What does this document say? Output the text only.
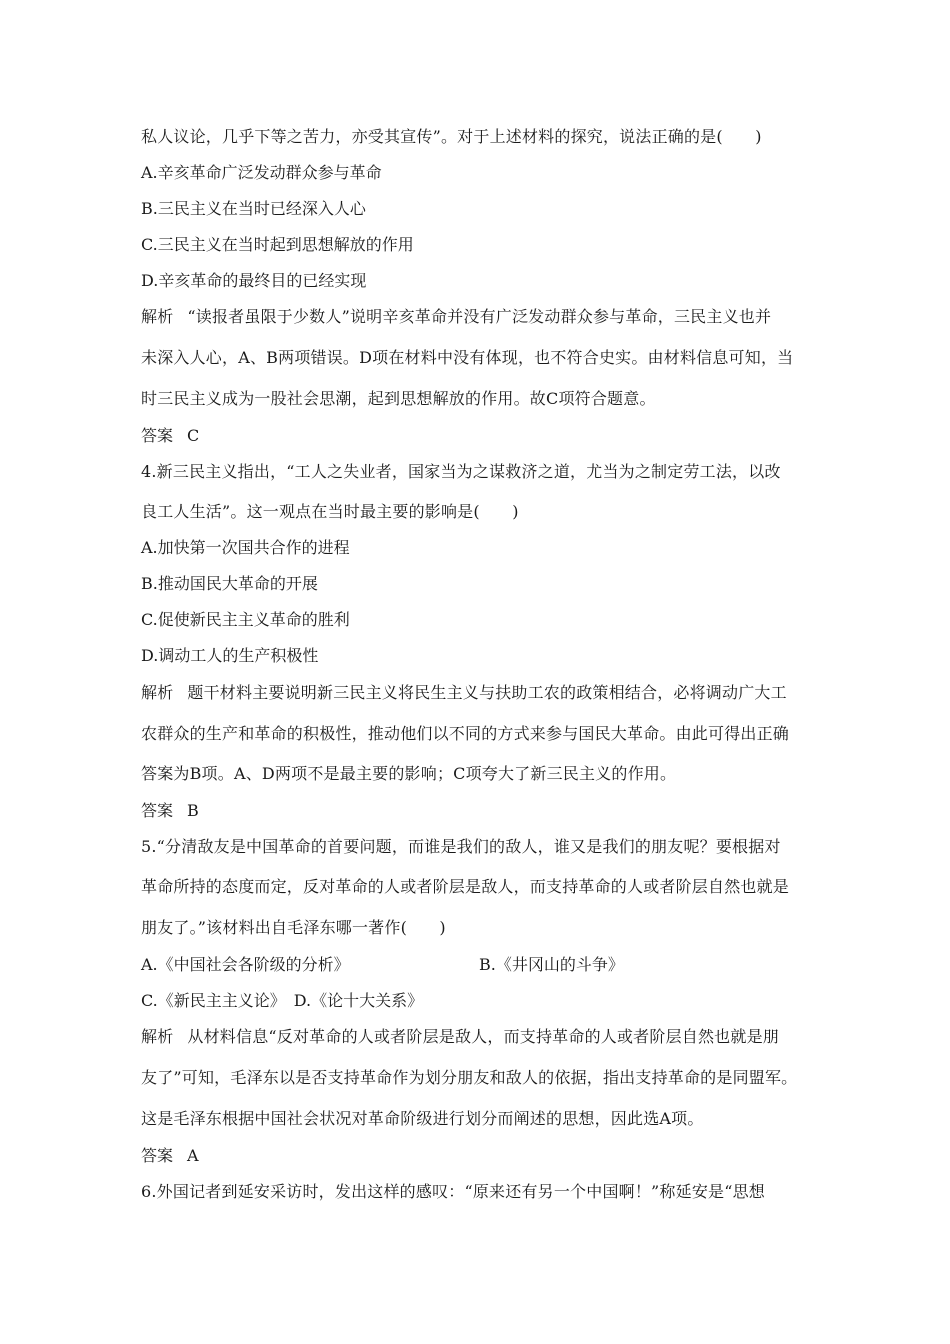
私人议论，几乎下等之苦力，亦受其宣传”。对于上述材料的探究，说法正确的是(　　)
A.辛亥革命广泛发动群众参与革命
B.三民主义在当时已经深入人心
C.三民主义在当时起到思想解放的作用
D.辛亥革命的最终目的已经实现
解析 “读报者虽限于少数人”说明辛亥革命并没有广泛发动群众参与革命，三民主义也并
未深入人心，A、B两项错误。D项在材料中没有体现，也不符合史实。由材料信息可知，当
时三民主义成为一股社会思潮，起到思想解放的作用。故C项符合题意。
答案 C
4.新三民主义指出，“工人之失业者，国家当为之谋救济之道，尤当为之制定劳工法，以改
良工人生活”。这一观点在当时最主要的影响是(　　)
A.加快第一次国共合作的进程
B.推动国民大革命的开展
C.促使新民主主义革命的胜利
D.调动工人的生产积极性
解析 题干材料主要说明新三民主义将民生主义与扶助工农的政策相结合，必将调动广大工
农群众的生产和革命的积极性，推动他们以不同的方式来参与国民大革命。由此可得出正确
答案为B项。A、D两项不是最主要的影响；C项夸大了新三民主义的作用。
答案 B
5.“分清敌友是中国革命的首要问题，而谁是我们的敌人，谁又是我们的朋友呢？要根据对
革命所持的态度而定，反对革命的人或者阶层是敌人，而支持革命的人或者阶层自然也就是
朋友了。”该材料出自毛泽东哪一著作(　　)
A.《中国社会各阶级的分析》	B.《井冈山的斗争》
C.《新民主主义论》　D.《论十大关系》
解析 从材料信息“反对革命的人或者阶层是敌人，而支持革命的人或者阶层自然也就是朋
友了”可知，毛泽东以是否支持革命作为划分朋友和敌人的依据，指出支持革命的是同盟军。
这是毛泽东根据中国社会状况对革命阶级进行划分而阐述的思想，因此选A项。
答案 A
6.外国记者到延安采访时，发出这样的感叹：“原来还有另一个中国啊！”称延安是“思想
